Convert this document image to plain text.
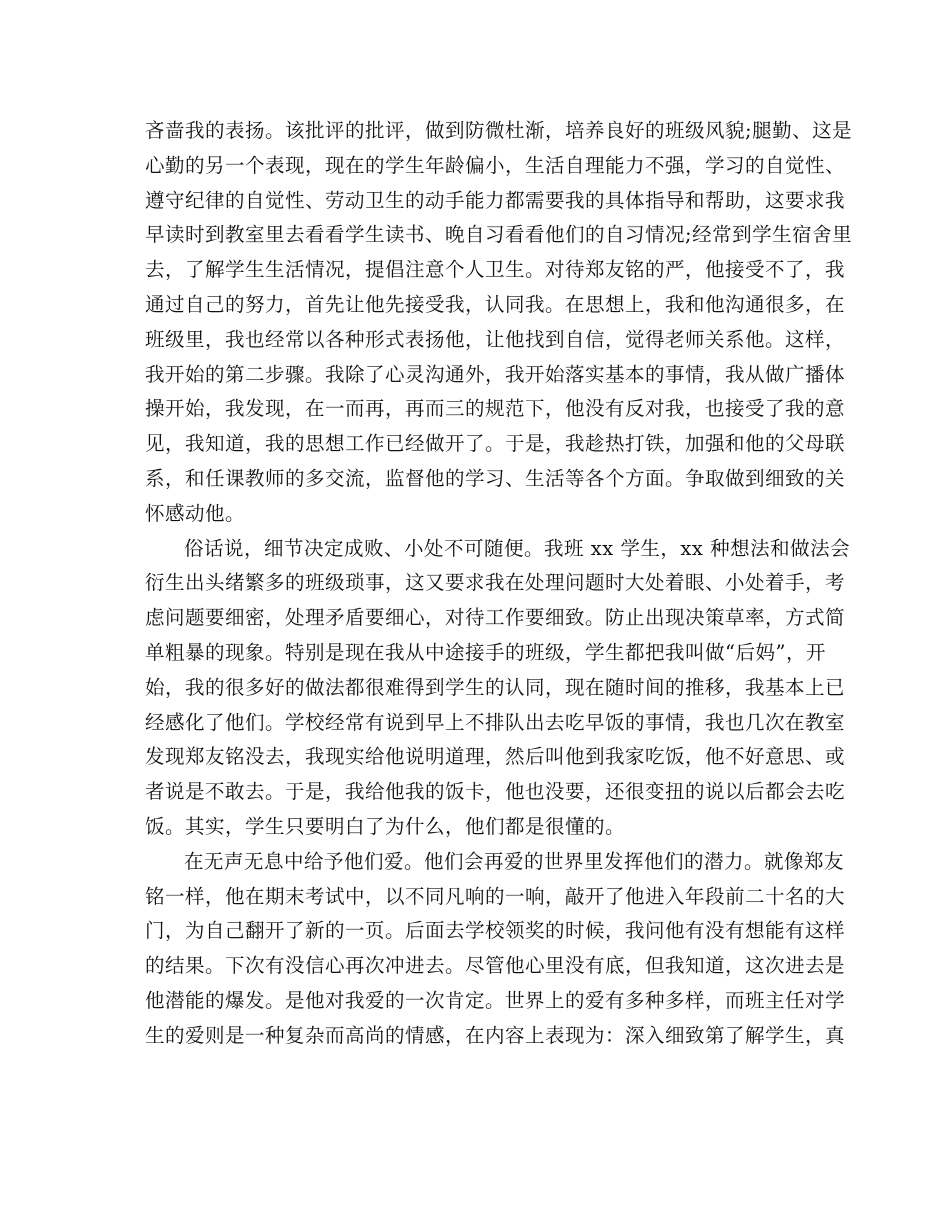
吝啬我的表扬。该批评的批评，做到防微杜渐，培养良好的班级风貌;腿勤、这是
心勤的另一个表现，现在的学生年龄偏小，生活自理能力不强，学习的自觉性、
遵守纪律的自觉性、劳动卫生的动手能力都需要我的具体指导和帮助，这要求我
早读时到教室里去看看学生读书、晚自习看看他们的自习情况;经常到学生宿舍里
去，了解学生生活情况，提倡注意个人卫生。对待郑友铭的严，他接受不了，我
通过自己的努力，首先让他先接受我，认同我。在思想上，我和他沟通很多，在
班级里，我也经常以各种形式表扬他，让他找到自信，觉得老师关系他。这样，
我开始的第二步骤。我除了心灵沟通外，我开始落实基本的事情，我从做广播体
操开始，我发现，在一而再，再而三的规范下，他没有反对我，也接受了我的意
见，我知道，我的思想工作已经做开了。于是，我趁热打铁，加强和他的父母联
系，和任课教师的多交流，监督他的学习、生活等各个方面。争取做到细致的关
怀感动他。

俗话说，细节决定成败、小处不可随便。我班 xx 学生，xx 种想法和做法会
衍生出头绪繁多的班级琐事，这又要求我在处理问题时大处着眼、小处着手，考
虑问题要细密，处理矛盾要细心，对待工作要细致。防止出现决策草率，方式简
单粗暴的现象。特别是现在我从中途接手的班级，学生都把我叫做“后妈”，开
始，我的很多好的做法都很难得到学生的认同，现在随时间的推移，我基本上已
经感化了他们。学校经常有说到早上不排队出去吃早饭的事情，我也几次在教室
发现郑友铭没去，我现实给他说明道理，然后叫他到我家吃饭，他不好意思、或
者说是不敢去。于是，我给他我的饭卡，他也没要，还很变扭的说以后都会去吃
饭。其实，学生只要明白了为什么，他们都是很懂的。

在无声无息中给予他们爱。他们会再爱的世界里发挥他们的潜力。就像郑友
铭一样，他在期末考试中，以不同凡响的一响，敲开了他进入年段前二十名的大
门，为自己翻开了新的一页。后面去学校领奖的时候，我问他有没有想能有这样
的结果。下次有没信心再次冲进去。尽管他心里没有底，但我知道，这次进去是
他潜能的爆发。是他对我爱的一次肯定。世界上的爱有多种多样，而班主任对学
生的爱则是一种复杂而高尚的情感，在内容上表现为：深入细致第了解学生，真
